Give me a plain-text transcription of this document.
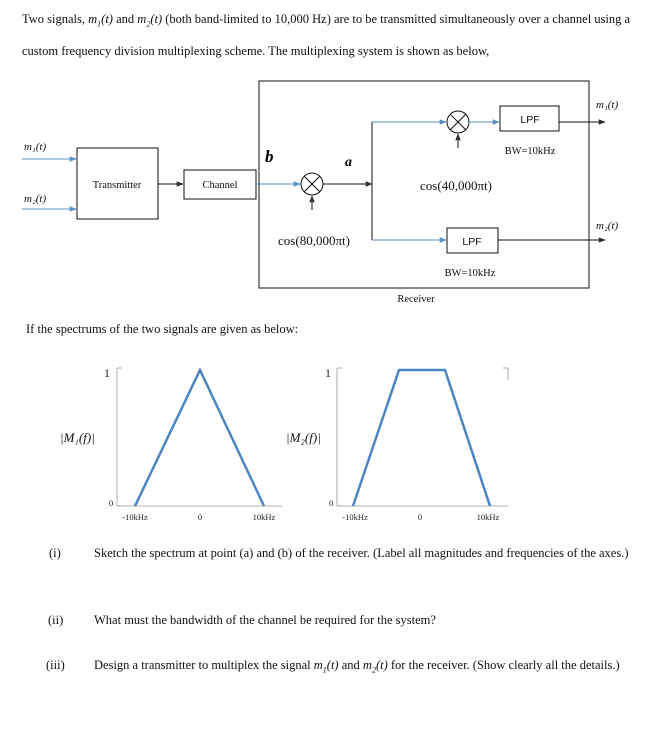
Two signals, $m_1(t)$ and $m_2(t)$ (both band-limited to 10,000 Hz) are to be transmitted simultaneously over a channel using a custom frequency division multiplexing scheme. The multiplexing system is shown as below,
m₁(t)
m₂(t)
Transmitter	Channel
Receiver
b
cos(80,000πt)
a
cos(40,000πt)
LPF
BW=10kHz
m₁(t)
LPF
BW=10kHz
m₂(t)
1
0
|M₁(f)|
-10kHz	0	10kHz
1
0
|M₂(f)|
-10kHz	0	10kHz
If the spectrums of the two signals are given as below:
(i)	Sketch the spectrum at point (a) and (b) of the receiver. (Label all magnitudes and frequencies of the axes.)
(ii) What must the bandwidth of the channel be required for the system?
(iii) Design a transmitter to multiplex the signal $m_1(t)$ and $m_2(t)$ for the receiver. (Show clearly all the details.)
